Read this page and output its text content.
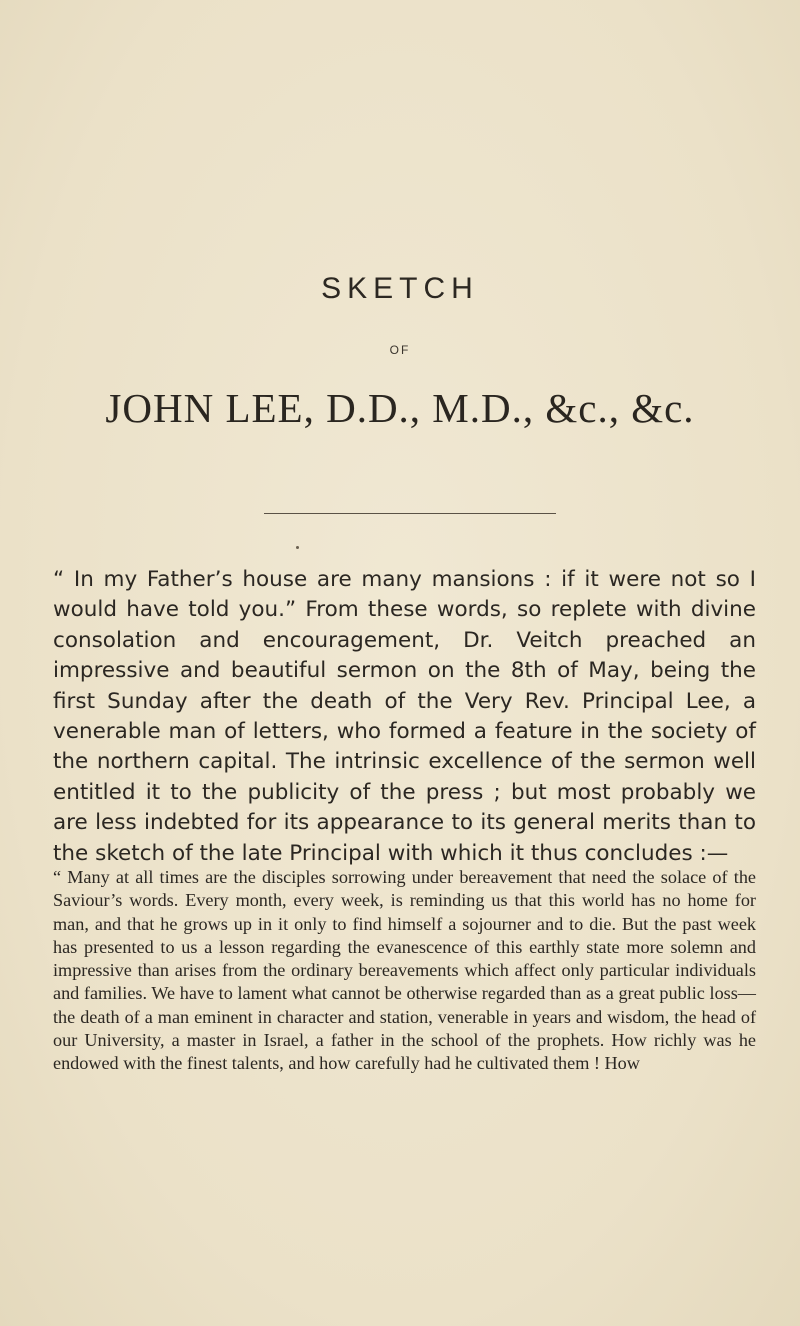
SKETCH
OF
JOHN LEE, D.D., M.D., &c., &c.

“ In my Father’s house are many mansions : if it were not so I would have told you.” From these words, so replete with divine consolation and encouragement, Dr. Veitch preached an impressive and beautiful sermon on the 8th of May, being the first Sunday after the death of the Very Rev. Principal Lee, a venerable man of letters, who formed a feature in the society of the northern capital. The intrinsic excellence of the sermon well entitled it to the publicity of the press ; but most probably we are less indebted for its appearance to its general merits than to the sketch of the late Principal with which it thus concludes :—

“ Many at all times are the disciples sorrowing under bereavement that need the solace of the Saviour’s words. Every month, every week, is reminding us that this world has no home for man, and that he grows up in it only to find himself a sojourner and to die. But the past week has presented to us a lesson regarding the evanescence of this earthly state more solemn and impressive than arises from the ordinary bereavements which affect only particular individuals and families. We have to lament what cannot be otherwise regarded than as a great public loss—the death of a man eminent in character and station, venerable in years and wisdom, the head of our University, a master in Israel, a father in the school of the prophets. How richly was he endowed with the finest talents, and how carefully had he cultivated them ! How
